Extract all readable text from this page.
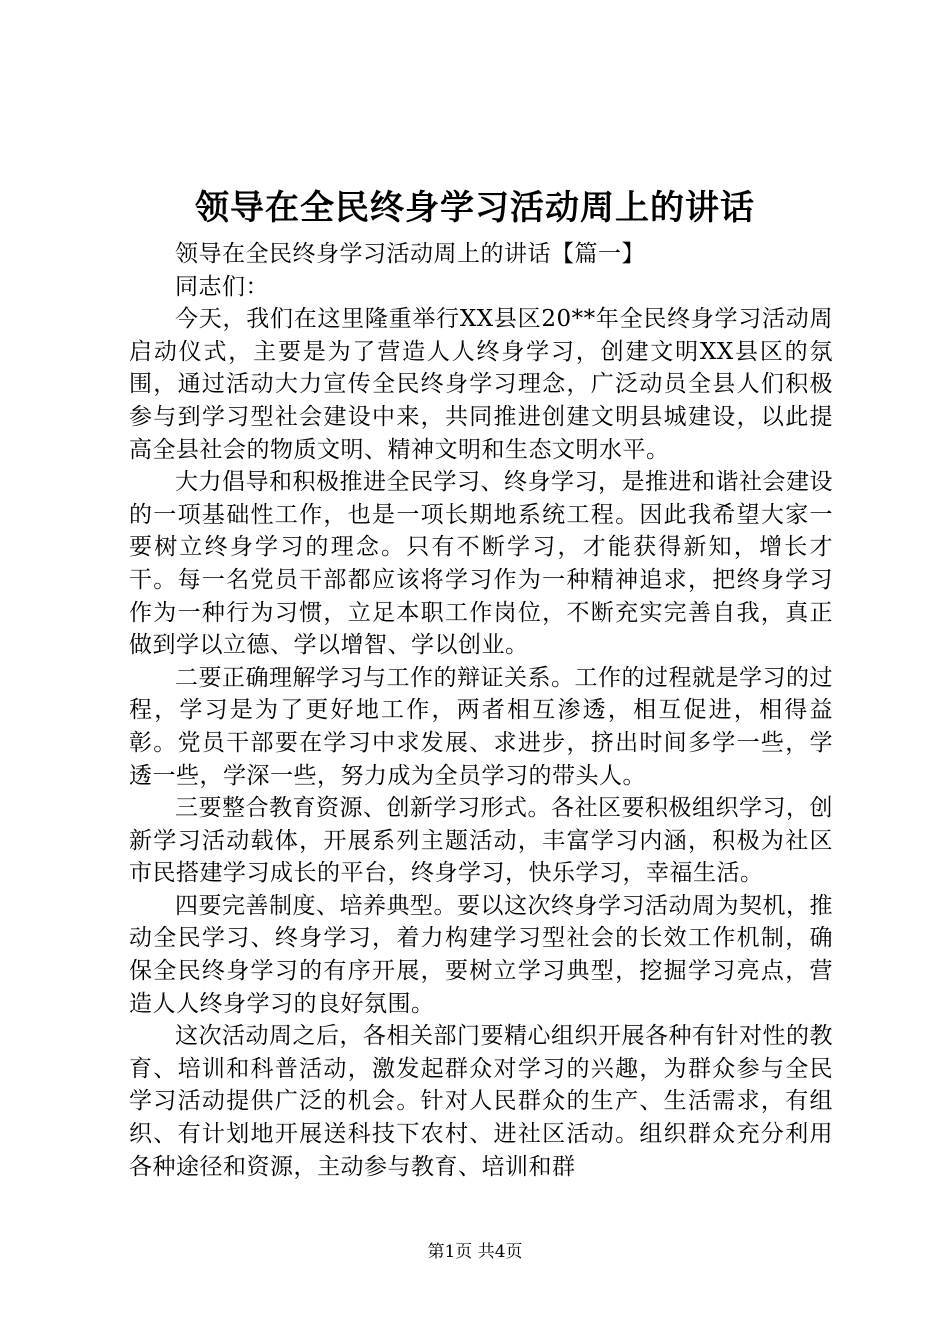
领导在全民终身学习活动周上的讲话

领导在全民终身学习活动周上的讲话【篇一】

同志们：

今天，我们在这里隆重举行XX县区20**年全民终身学习活动周启动仪式，主要是为了营造人人终身学习，创建文明XX县区的氛围，通过活动大力宣传全民终身学习理念，广泛动员全县人们积极参与到学习型社会建设中来，共同推进创建文明县城建设，以此提高全县社会的物质文明、精神文明和生态文明水平。

大力倡导和积极推进全民学习、终身学习，是推进和谐社会建设的一项基础性工作，也是一项长期地系统工程。因此我希望大家一要树立终身学习的理念。只有不断学习，才能获得新知，增长才干。每一名党员干部都应该将学习作为一种精神追求，把终身学习作为一种行为习惯，立足本职工作岗位，不断充实完善自我，真正做到学以立德、学以增智、学以创业。

二要正确理解学习与工作的辩证关系。工作的过程就是学习的过程，学习是为了更好地工作，两者相互渗透，相互促进，相得益彰。党员干部要在学习中求发展、求进步，挤出时间多学一些，学透一些，学深一些，努力成为全员学习的带头人。

三要整合教育资源、创新学习形式。各社区要积极组织学习，创新学习活动载体，开展系列主题活动，丰富学习内涵，积极为社区市民搭建学习成长的平台，终身学习，快乐学习，幸福生活。

四要完善制度、培养典型。要以这次终身学习活动周为契机，推动全民学习、终身学习，着力构建学习型社会的长效工作机制，确保全民终身学习的有序开展，要树立学习典型，挖掘学习亮点，营造人人终身学习的良好氛围。

这次活动周之后，各相关部门要精心组织开展各种有针对性的教育、培训和科普活动，激发起群众对学习的兴趣，为群众参与全民学习活动提供广泛的机会。针对人民群众的生产、生活需求，有组织、有计划地开展送科技下农村、进社区活动。组织群众充分利用各种途径和资源，主动参与教育、培训和群

第1页 共4页
